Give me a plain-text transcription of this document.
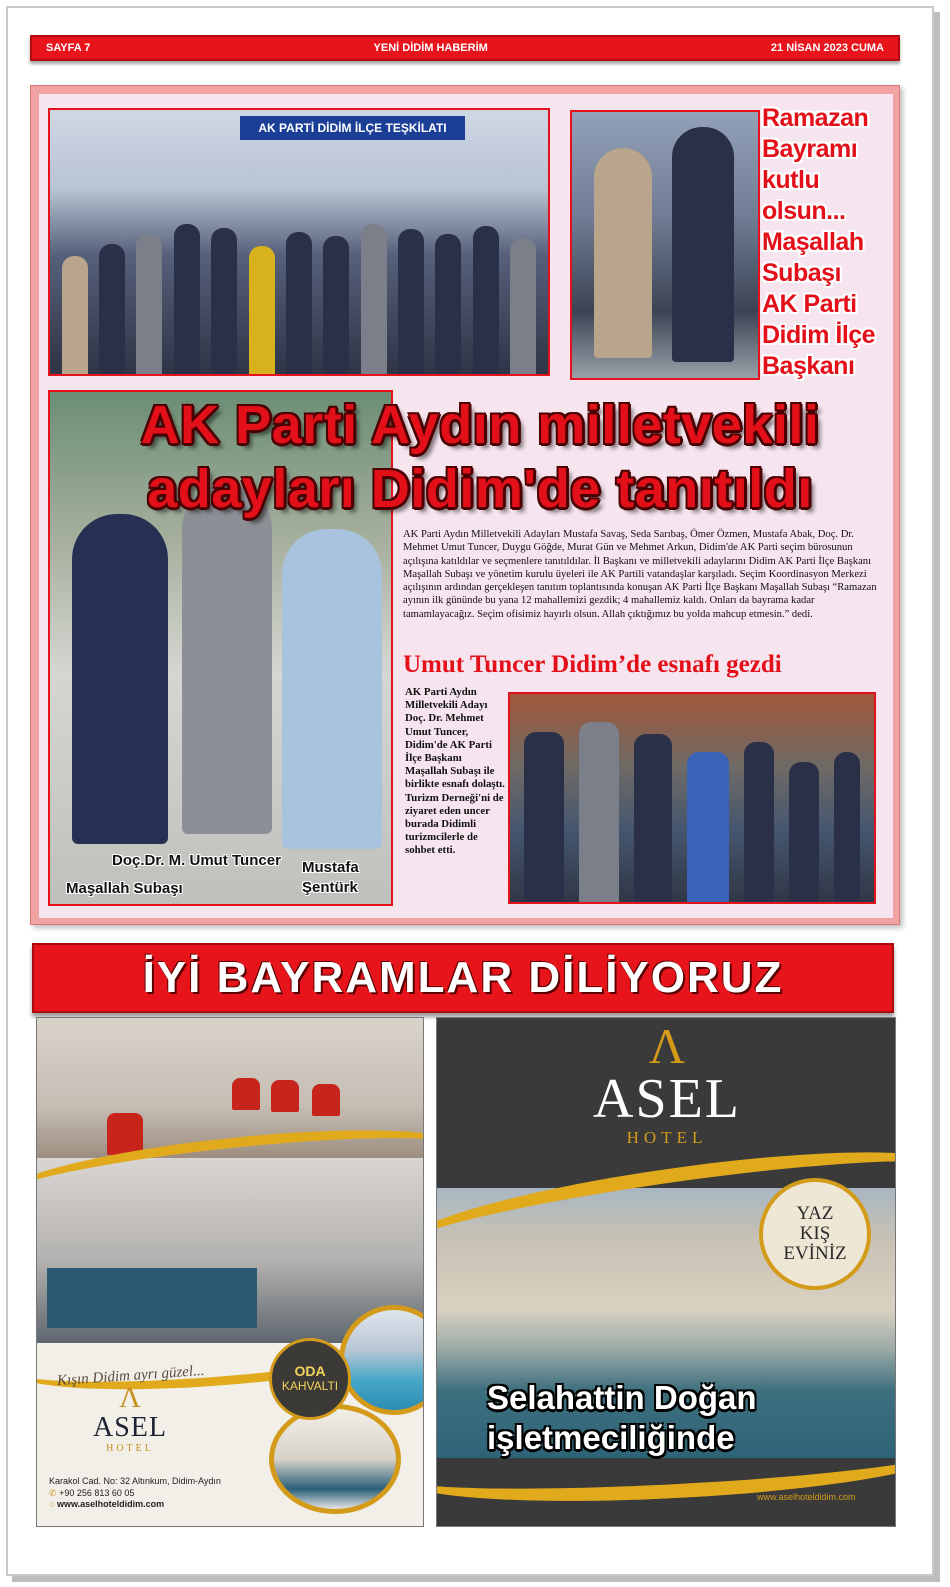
SAYFA 7	YENİ DİDİM HABERİM	21 NİSAN 2023 CUMA
AK PARTİ DİDİM İLÇE TEŞKİLATI	Ramazan
Bayramı
kutlu
olsun...
Maşallah
Subaşı
AK Parti
Didim İlçe
Başkanı
AK Parti Aydın milletvekili
adayları Didim'de tanıtıldı
AK Parti Aydın Milletvekili Adayları Mustafa Savaş, Seda Sarıbaş, Ömer Özmen, Mustafa Abak, Doç. Dr. Mehmet Umut Tuncer, Duygu Göğde, Murat Gün ve Mehmet Arkun, Didim'de AK Parti seçim bürosunun açılışına katıldılar ve seçmenlere tanıtıldılar. İl Başkanı ve milletvekili adaylarını Didim AK Parti İlçe Başkanı Maşallah Subaşı ve yönetim kurulu üyeleri ile AK Partili vatandaşlar karşıladı. Seçim Koordinasyon Merkezi açılışının ardından gerçekleşen tanıtım toplantısında konuşan AK Parti İlçe Başkanı Maşallah Subaşı “Ramazan ayının ilk gününde bu yana 12 mahallemizi gezdik; 4 mahallemiz kaldı. Onları da bayrama kadar tamamlayacağız. Seçim ofisimiz hayırlı olsun. Allah çıktığımız bu yolda mahcup etmesin.” dedi.
Umut Tuncer Didim’de esnafı gezdi
AK Parti Aydın Milletvekili Adayı Doç. Dr. Mehmet Umut Tuncer, Didim'de AK Parti İlçe Başkanı Maşallah Subaşı ile birlikte esnafı dolaştı. Turizm Derneği'ni de ziyaret eden uncer burada Didimli turizmcilerle de sohbet etti.
Doç.Dr. M. Umut Tuncer Mustafa
Şentürk
Maşallah Subaşı
İYİ BAYRAMLAR DİLİYORUZ
Kışın Didim ayrı güzel...	ODA
KAHVALTI
Λ
ASEL
HOTEL
Karakol Cad. No: 32 Altınkum, Didim-Aydın
✆ +90 256 813 60 05
○ www.aselhoteldidim.com
Λ
ASEL
HOTEL
YAZ
KIŞ
EVİNİZ
Selahattin Doğan
işletmeciliğinde
www.aselhoteldidim.com
